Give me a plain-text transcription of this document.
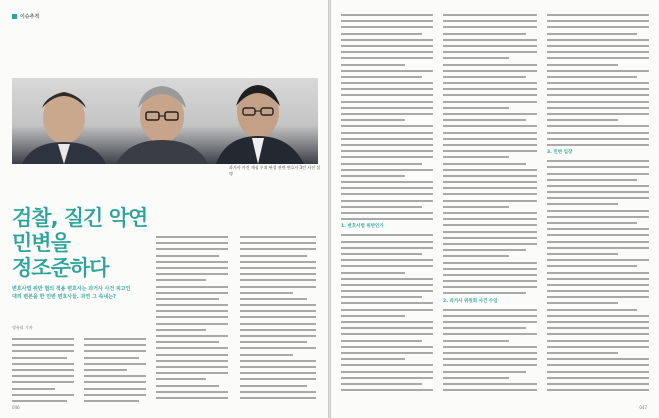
이슈추적
과거사 사건 재심 무죄 판결 관련 변호사 3인 사진 설명
검찰, 질긴 악연
민변을
정조준하다
변호사법 위반 혐의 적용 변호사는 과거사 사건 피고인 대리 변론을 한 민변 변호사들. 과연 그 속내는?
정유리 기자
046
1. 변호사법 위반인가
2. 과거사 위원회 사건 수임
3. 민변 입장
047
